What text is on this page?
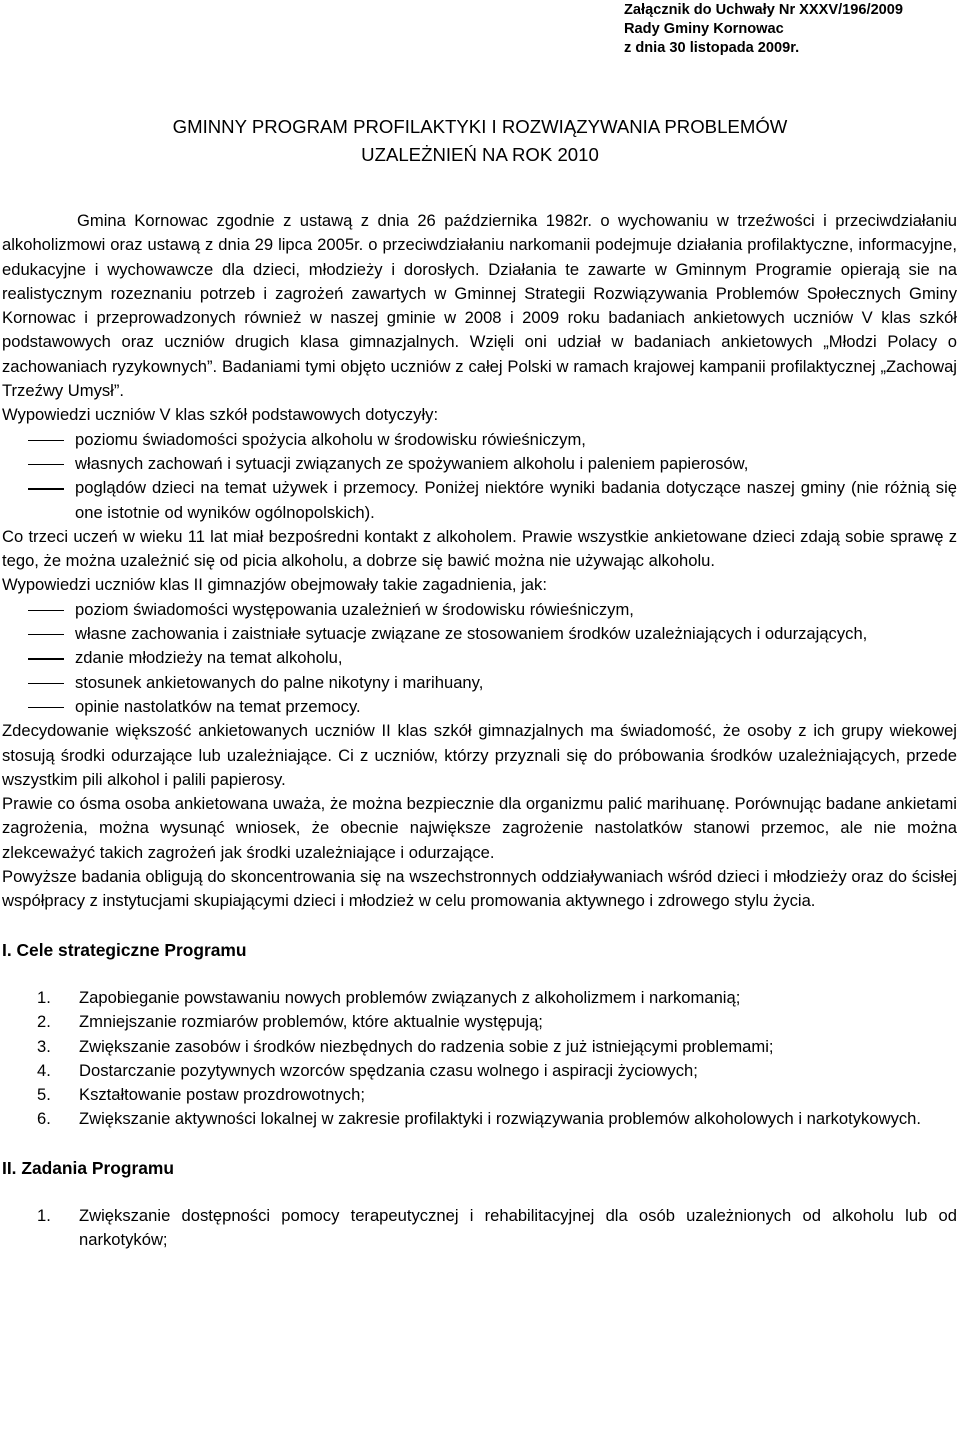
Załącznik do Uchwały Nr XXXV/196/2009
Rady Gminy Kornowac
z dnia 30 listopada 2009r.
GMINNY PROGRAM PROFILAKTYKI I ROZWIĄZYWANIA PROBLEMÓW
UZALEŻNIEŃ NA ROK 2010

Gmina Kornowac zgodnie z ustawą z dnia 26 października 1982r. o wychowaniu w trzeźwości i przeciwdziałaniu alkoholizmowi oraz ustawą z dnia 29 lipca 2005r. o przeciwdziałaniu narkomanii podejmuje działania profilaktyczne, informacyjne, edukacyjne i wychowawcze dla dzieci, młodzieży i dorosłych. Działania te zawarte w Gminnym Programie opierają sie na realistycznym rozeznaniu potrzeb i zagrożeń zawartych w Gminnej Strategii Rozwiązywania Problemów Społecznych Gminy Kornowac i przeprowadzonych również w naszej gminie w 2008 i 2009 roku badaniach ankietowych uczniów V klas szkół podstawowych oraz uczniów drugich klasa gimnazjalnych. Wzięli oni udział w badaniach ankietowych „Młodzi Polacy o zachowaniach ryzykownych”. Badaniami tymi objęto uczniów z całej Polski w ramach krajowej kampanii profilaktycznej „Zachowaj Trzeźwy Umysł”.

Wypowiedzi uczniów V klas szkół podstawowych dotyczyły:

poziomu świadomości spożycia alkoholu w środowisku rówieśniczym,
własnych zachowań i sytuacji związanych ze spożywaniem alkoholu i paleniem papierosów,
poglądów dzieci na temat używek i przemocy. Poniżej niektóre wyniki badania dotyczące naszej gminy (nie różnią się one istotnie od wyników ogólnopolskich).

Co trzeci uczeń w wieku 11 lat miał bezpośredni kontakt z alkoholem. Prawie wszystkie ankietowane dzieci zdają sobie sprawę z tego, że można uzależnić się od picia alkoholu, a dobrze się bawić można nie używając alkoholu.

Wypowiedzi uczniów klas II gimnazjów obejmowały takie zagadnienia, jak:

poziom świadomości występowania uzależnień w środowisku rówieśniczym,
własne zachowania i zaistniałe sytuacje związane ze stosowaniem środków uzależniających i odurzających,
zdanie młodzieży na temat alkoholu,
stosunek ankietowanych do palne nikotyny i marihuany,
opinie nastolatków na temat przemocy.

Zdecydowanie większość ankietowanych uczniów II klas szkół gimnazjalnych ma świadomość, że osoby z ich grupy wiekowej stosują środki odurzające lub uzależniające. Ci z uczniów, którzy przyznali się do próbowania środków uzależniających, przede wszystkim pili alkohol i palili papierosy.

Prawie co ósma osoba ankietowana uważa, że można bezpiecznie dla organizmu palić marihuanę. Porównując badane ankietami zagrożenia, można wysunąć wniosek, że obecnie największe zagrożenie nastolatków stanowi przemoc, ale nie można zlekceważyć takich zagrożeń jak środki uzależniające i odurzające.

Powyższe badania obligują do skoncentrowania się na wszechstronnych oddziaływaniach wśród dzieci i młodzieży oraz do ścisłej współpracy z instytucjami skupiającymi dzieci i młodzież w celu promowania aktywnego i zdrowego stylu życia.

I. Cele strategiczne Programu

1. Zapobieganie powstawaniu nowych problemów związanych z alkoholizmem i narkomanią;
2. Zmniejszanie rozmiarów problemów, które aktualnie występują;
3. Zwiększanie zasobów i środków niezbędnych do radzenia sobie z już istniejącymi problemami;
4. Dostarczanie pozytywnych wzorców spędzania czasu wolnego i aspiracji życiowych;
5. Kształtowanie postaw prozdrowotnych;
6. Zwiększanie aktywności lokalnej w zakresie profilaktyki i rozwiązywania problemów alkoholowych i narkotykowych.

II. Zadania Programu

1. Zwiększanie dostępności pomocy terapeutycznej i rehabilitacyjnej dla osób uzależnionych od alkoholu lub od narkotyków;
